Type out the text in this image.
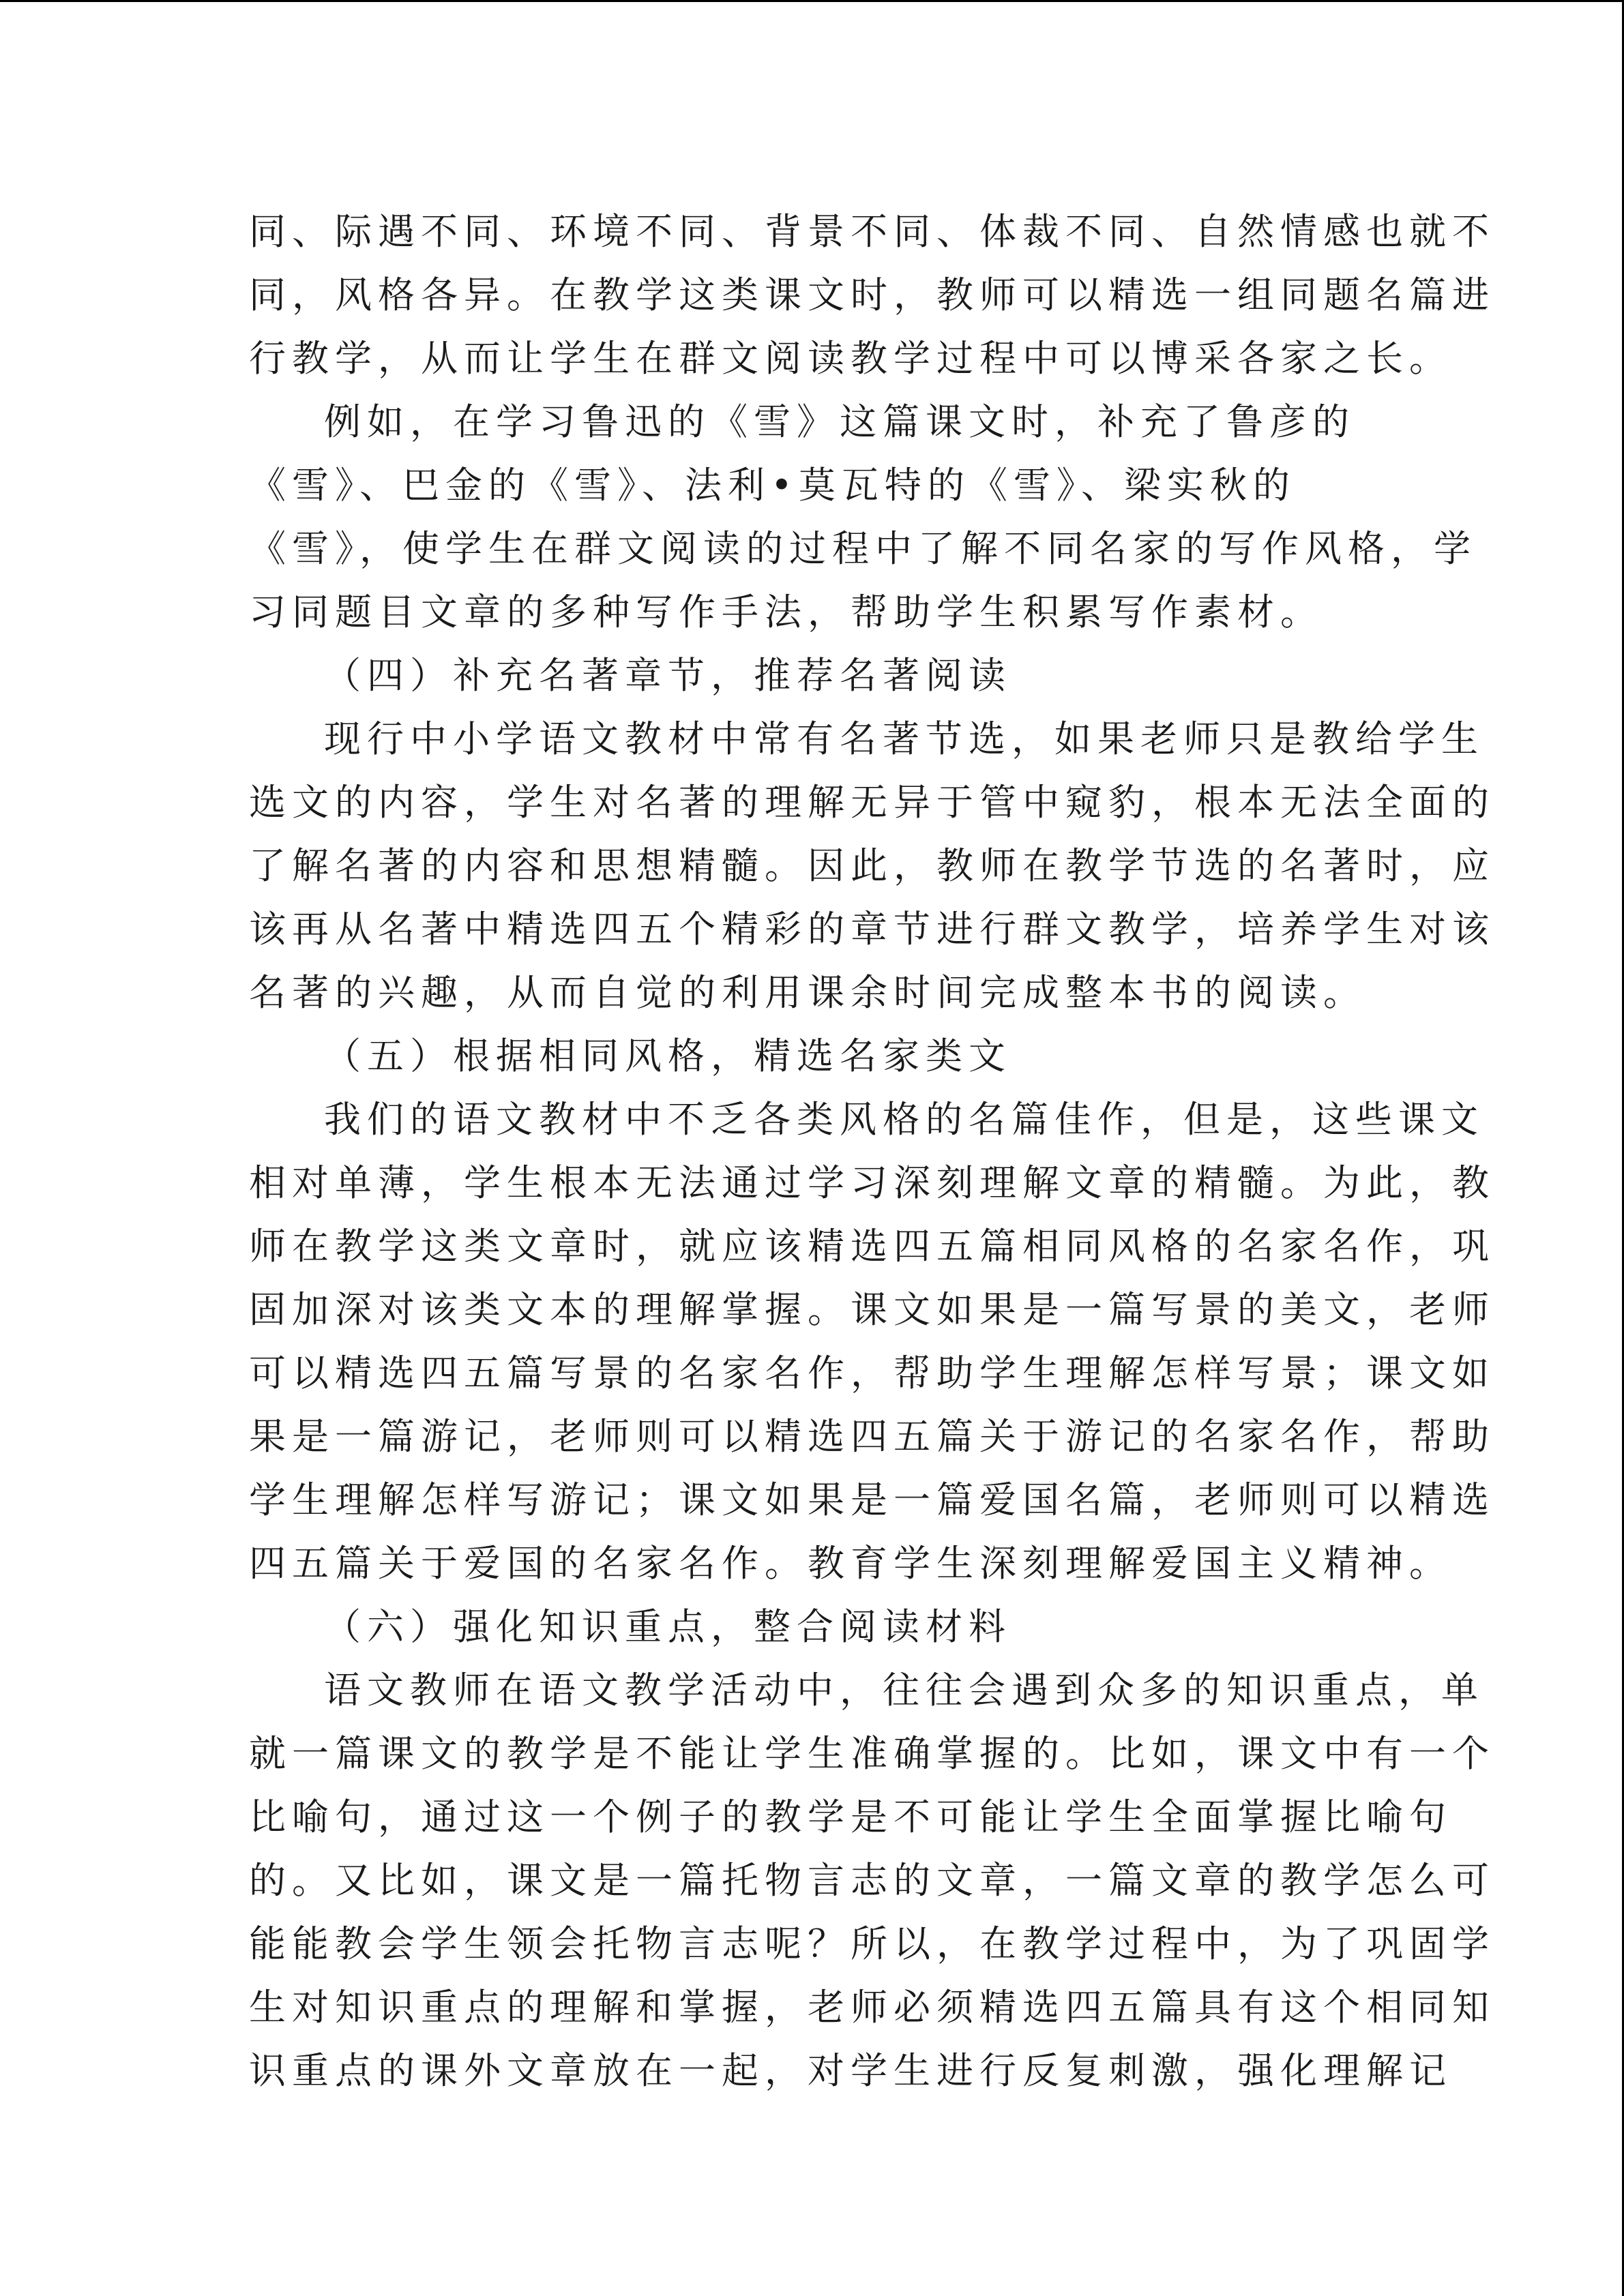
同、际遇不同、环境不同、背景不同、体裁不同、自然情感也就不
同，风格各异。在教学这类课文时，教师可以精选一组同题名篇进
行教学，从而让学生在群文阅读教学过程中可以博采各家之长。
例如，在学习鲁迅的《雪》这篇课文时，补充了鲁彦的
《雪》、巴金的《雪》、法利•莫瓦特的《雪》、梁实秋的
《雪》，使学生在群文阅读的过程中了解不同名家的写作风格，学
习同题目文章的多种写作手法，帮助学生积累写作素材。
（四）补充名著章节，推荐名著阅读
现行中小学语文教材中常有名著节选，如果老师只是教给学生
选文的内容，学生对名著的理解无异于管中窥豹，根本无法全面的
了解名著的内容和思想精髓。因此，教师在教学节选的名著时，应
该再从名著中精选四五个精彩的章节进行群文教学，培养学生对该
名著的兴趣，从而自觉的利用课余时间完成整本书的阅读。
（五）根据相同风格，精选名家类文
我们的语文教材中不乏各类风格的名篇佳作，但是，这些课文
相对单薄，学生根本无法通过学习深刻理解文章的精髓。为此，教
师在教学这类文章时，就应该精选四五篇相同风格的名家名作，巩
固加深对该类文本的理解掌握。课文如果是一篇写景的美文，老师
可以精选四五篇写景的名家名作，帮助学生理解怎样写景；课文如
果是一篇游记，老师则可以精选四五篇关于游记的名家名作，帮助
学生理解怎样写游记；课文如果是一篇爱国名篇，老师则可以精选
四五篇关于爱国的名家名作。教育学生深刻理解爱国主义精神。
（六）强化知识重点，整合阅读材料
语文教师在语文教学活动中，往往会遇到众多的知识重点，单
就一篇课文的教学是不能让学生准确掌握的。比如，课文中有一个
比喻句，通过这一个例子的教学是不可能让学生全面掌握比喻句
的。又比如，课文是一篇托物言志的文章，一篇文章的教学怎么可
能能教会学生领会托物言志呢？所以，在教学过程中，为了巩固学
生对知识重点的理解和掌握，老师必须精选四五篇具有这个相同知
识重点的课外文章放在一起，对学生进行反复刺激，强化理解记
